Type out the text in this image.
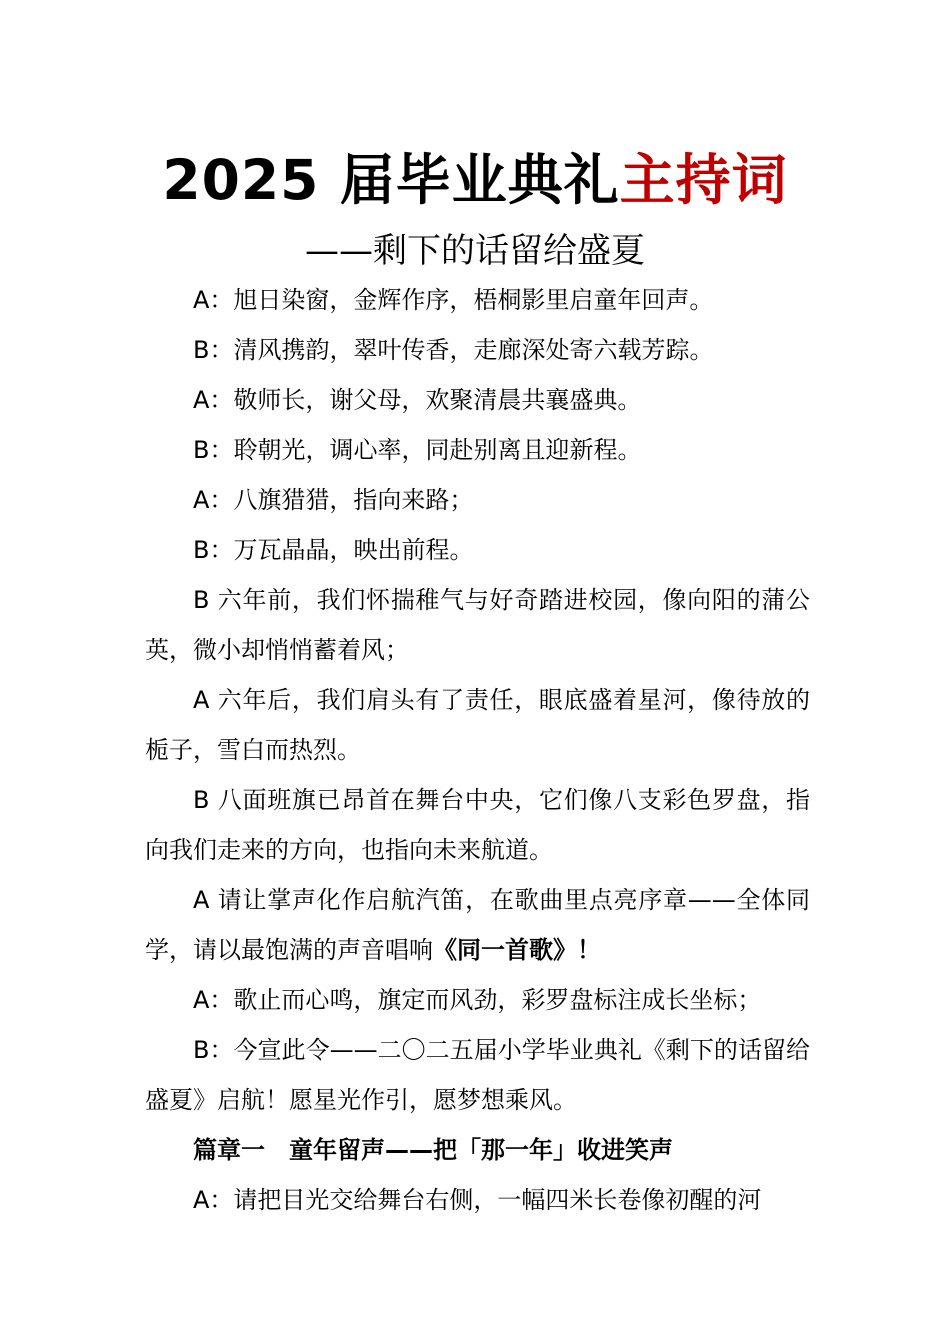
2025 届毕业典礼主持词
——剩下的话留给盛夏

A：旭日染窗，金辉作序，梧桐影里启童年回声。

B：清风携韵，翠叶传香，走廊深处寄六载芳踪。

A：敬师长，谢父母，欢聚清晨共襄盛典。

B：聆朝光，调心率，同赴别离且迎新程。

A：八旗猎猎，指向来路；

B：万瓦晶晶，映出前程。

B 六年前，我们怀揣稚气与好奇踏进校园，像向阳的蒲公英，微小却悄悄蓄着风；

A 六年后，我们肩头有了责任，眼底盛着星河，像待放的栀子，雪白而热烈。

B 八面班旗已昂首在舞台中央，它们像八支彩色罗盘，指向我们走来的方向，也指向未来航道。

A 请让掌声化作启航汽笛，在歌曲里点亮序章——全体同学，请以最饱满的声音唱响《同一首歌》！

A：歌止而心鸣，旗定而风劲，彩罗盘标注成长坐标；

B：今宣此令——二〇二五届小学毕业典礼《剩下的话留给盛夏》启航！愿星光作引，愿梦想乘风。

篇章一 童年留声——把「那一年」收进笑声

A：请把目光交给舞台右侧，一幅四米长卷像初醒的河
